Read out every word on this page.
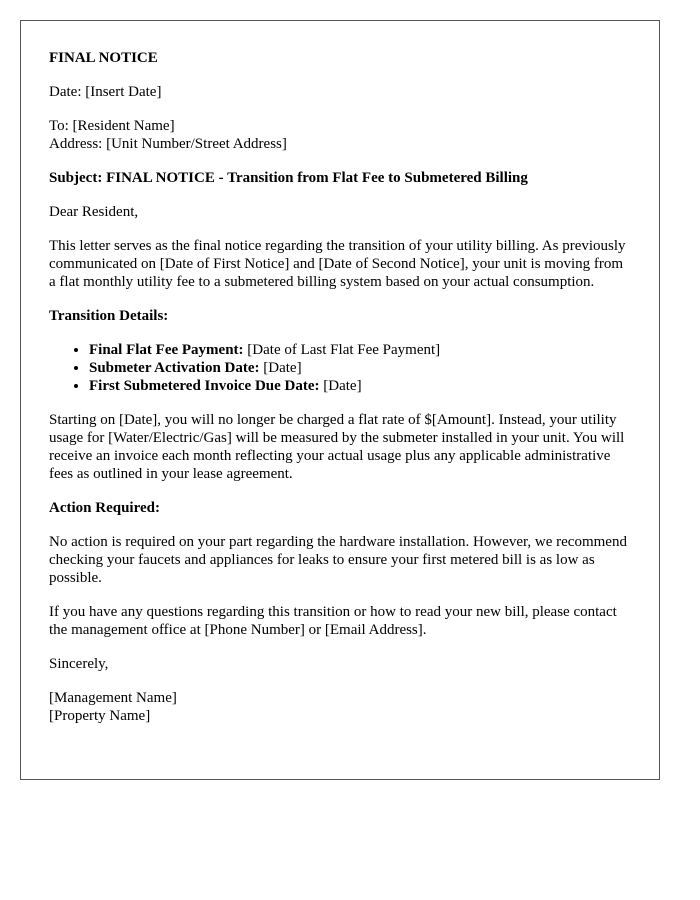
FINAL NOTICE

Date: [Insert Date]

To: [Resident Name]
Address: [Unit Number/Street Address]

Subject: FINAL NOTICE - Transition from Flat Fee to Submetered Billing

Dear Resident,

This letter serves as the final notice regarding the transition of your utility billing. As previously communicated on [Date of First Notice] and [Date of Second Notice], your unit is moving from a flat monthly utility fee to a submetered billing system based on your actual consumption.

Transition Details:

• Final Flat Fee Payment: [Date of Last Flat Fee Payment]
• Submeter Activation Date: [Date]
• First Submetered Invoice Due Date: [Date]

Starting on [Date], you will no longer be charged a flat rate of $[Amount]. Instead, your utility usage for [Water/Electric/Gas] will be measured by the submeter installed in your unit. You will receive an invoice each month reflecting your actual usage plus any applicable administrative fees as outlined in your lease agreement.

Action Required:

No action is required on your part regarding the hardware installation. However, we recommend checking your faucets and appliances for leaks to ensure your first metered bill is as low as possible.

If you have any questions regarding this transition or how to read your new bill, please contact the management office at [Phone Number] or [Email Address].

Sincerely,

[Management Name]
[Property Name]
